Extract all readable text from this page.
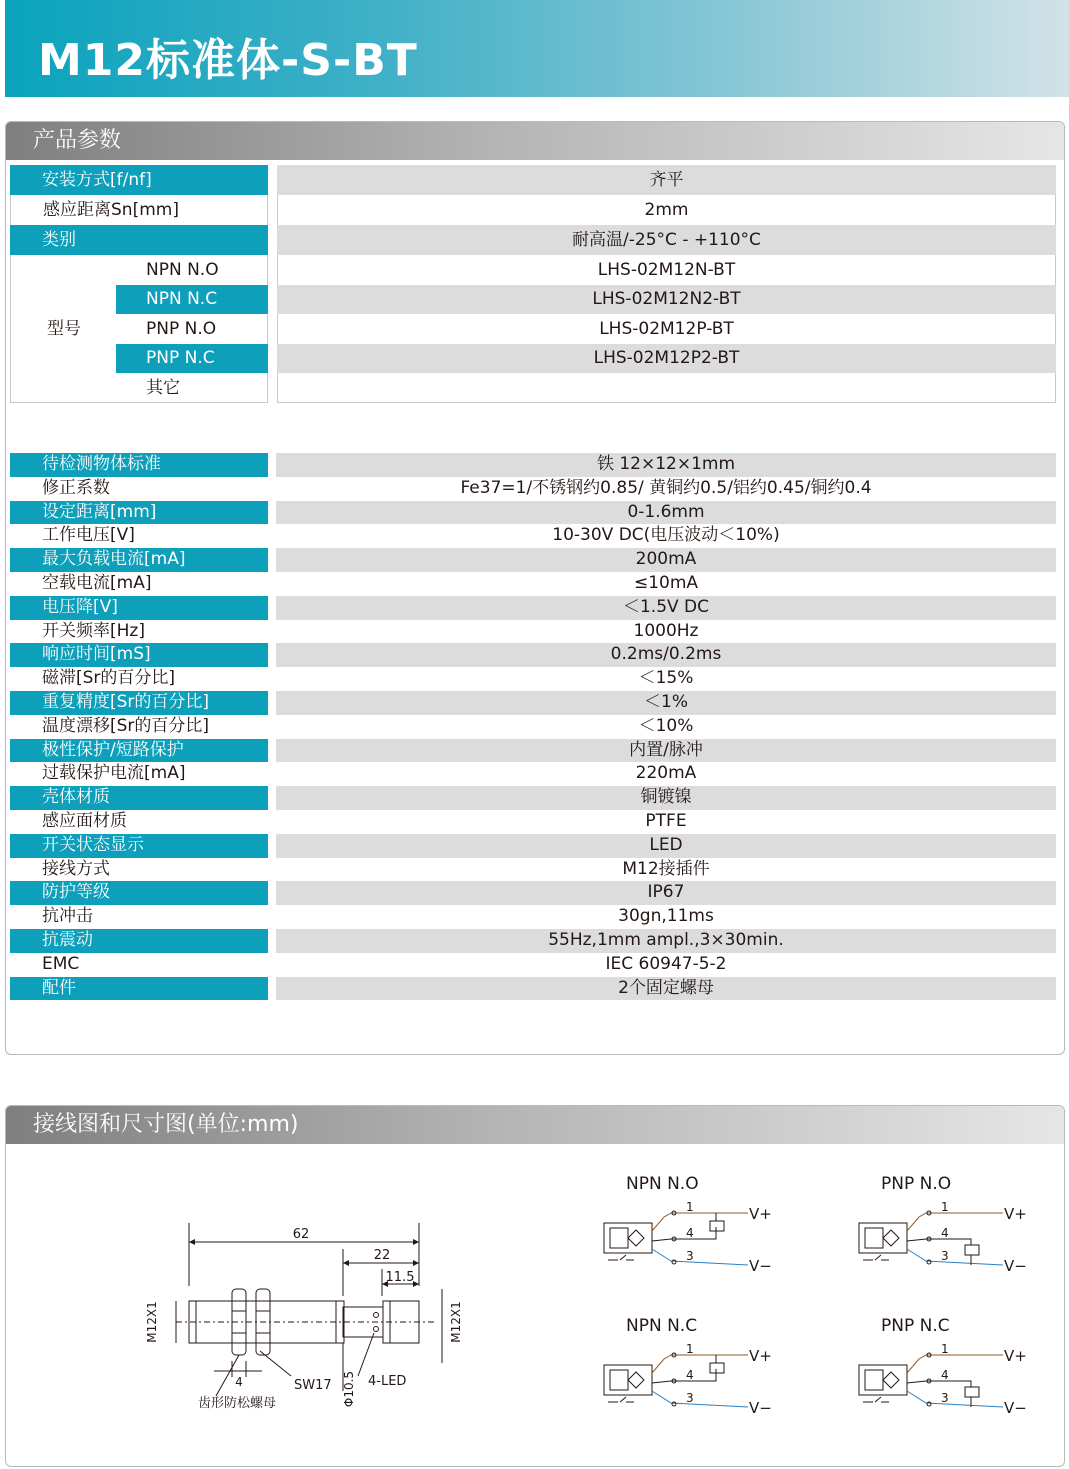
M12标准体-S-BT
产品参数
安装方式[f/nf]	齐平
感应距离Sn[mm]	2mm
类别	耐高温/-25°C - +110°C
型号
NPN N.O	LHS-02M12N-BT
NPN N.C	LHS-02M12N2-BT
PNP N.O	LHS-02M12P-BT
PNP N.C	LHS-02M12P2-BT
其它
待检测物体标准	铁 12×12×1mm
修正系数	Fe37=1/不锈钢约0.85/ 黄铜约0.5/铝约0.45/铜约0.4
设定距离[mm]	0-1.6mm
工作电压[V]	10-30V DC(电压波动＜10%)
最大负载电流[mA]	200mA
空载电流[mA]	≤10mA
电压降[V]	＜1.5V DC
开关频率[Hz]	1000Hz
响应时间[mS]	0.2ms/0.2ms
磁滞[Sr的百分比]	＜15%
重复精度[Sr的百分比]	＜1%
温度漂移[Sr的百分比]	＜10%
极性保护/短路保护	内置/脉冲
过载保护电流[mA]	220mA
壳体材质	铜镀镍
感应面材质	PTFE
开关状态显示	LED
接线方式	M12接插件
防护等级	IP67
抗冲击	30gn,11ms
抗震动	55Hz,1mm ampl.,3×30min.
EMC	IEC 60947-5-2
配件	2个固定螺母
接线图和尺寸图(单位:mm)
62
22
11.5
M12X1	M12X1
4	SW17 Φ10.5 4-LED
齿形防松螺母
NPN N.O
1
4
3
V+
V−
PNP N.O
1
4
3
V+
V−
NPN N.C
1
4
3
V+
V−
PNP N.C
1
4
3
V+
V−
